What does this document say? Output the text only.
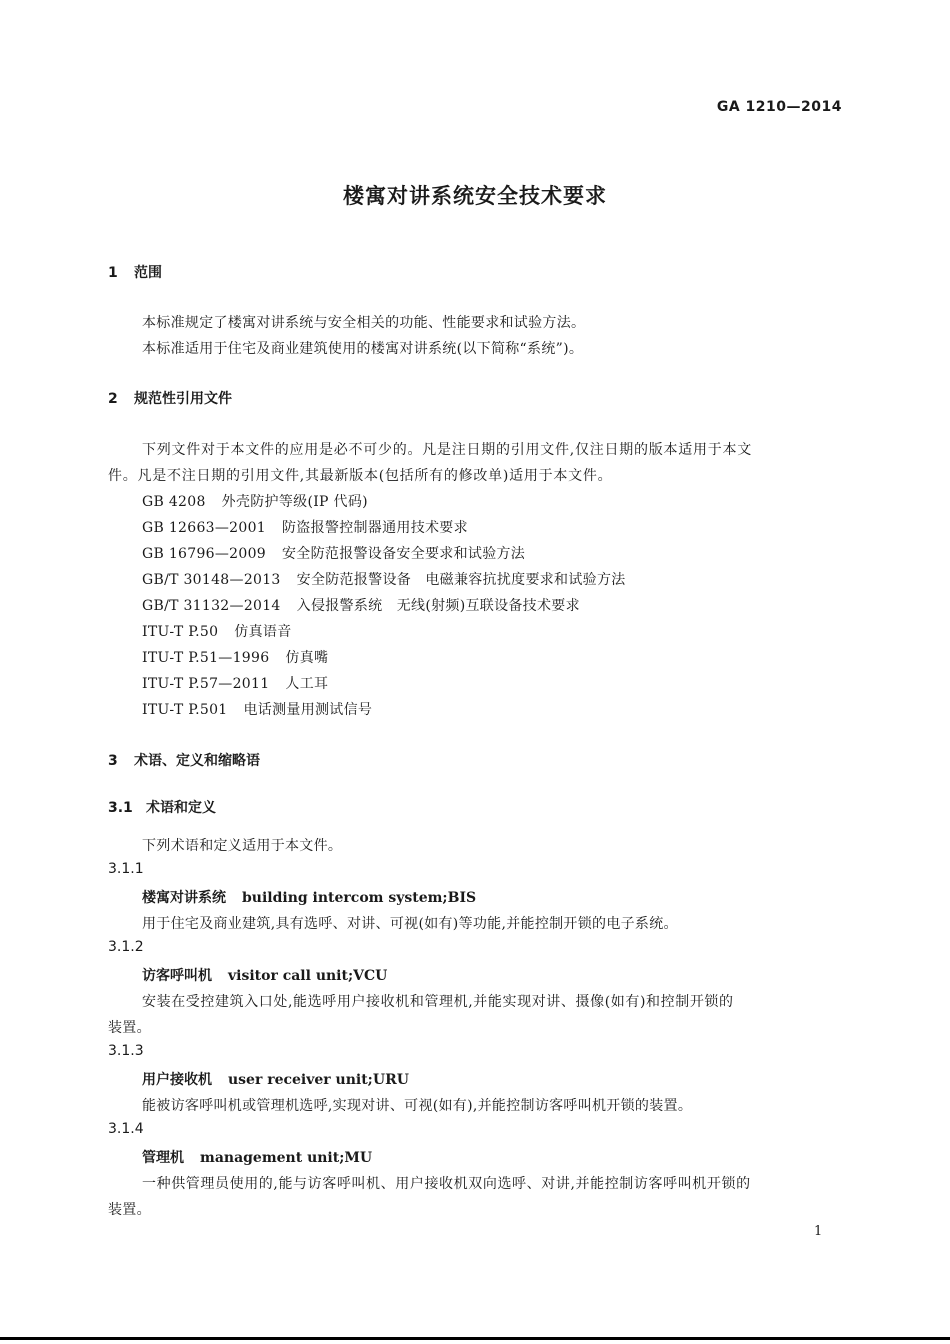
GA 1210—2014
楼寓对讲系统安全技术要求
1 范围
本标准规定了楼寓对讲系统与安全相关的功能、性能要求和试验方法。
本标准适用于住宅及商业建筑使用的楼寓对讲系统(以下简称“系统”)。
2 规范性引用文件
下列文件对于本文件的应用是必不可少的。凡是注日期的引用文件,仅注日期的版本适用于本文
件。凡是不注日期的引用文件,其最新版本(包括所有的修改单)适用于本文件。
GB 4208 外壳防护等级(IP 代码)
GB 12663—2001 防盗报警控制器通用技术要求
GB 16796—2009 安全防范报警设备安全要求和试验方法
GB/T 30148—2013 安全防范报警设备　电磁兼容抗扰度要求和试验方法
GB/T 31132—2014 入侵报警系统　无线(射频)互联设备技术要求
ITU-T P.50 仿真语音
ITU-T P.51—1996 仿真嘴
ITU-T P.57—2011 人工耳
ITU-T P.501 电话测量用测试信号
3 术语、定义和缩略语
3.1 术语和定义
下列术语和定义适用于本文件。
3.1.1
楼寓对讲系统 building intercom system;BIS
用于住宅及商业建筑,具有选呼、对讲、可视(如有)等功能,并能控制开锁的电子系统。
3.1.2
访客呼叫机 visitor call unit;VCU
安装在受控建筑入口处,能选呼用户接收机和管理机,并能实现对讲、摄像(如有)和控制开锁的
装置。
3.1.3
用户接收机 user receiver unit;URU
能被访客呼叫机或管理机选呼,实现对讲、可视(如有),并能控制访客呼叫机开锁的装置。
3.1.4
管理机 management unit;MU
一种供管理员使用的,能与访客呼叫机、用户接收机双向选呼、对讲,并能控制访客呼叫机开锁的
装置。
1
